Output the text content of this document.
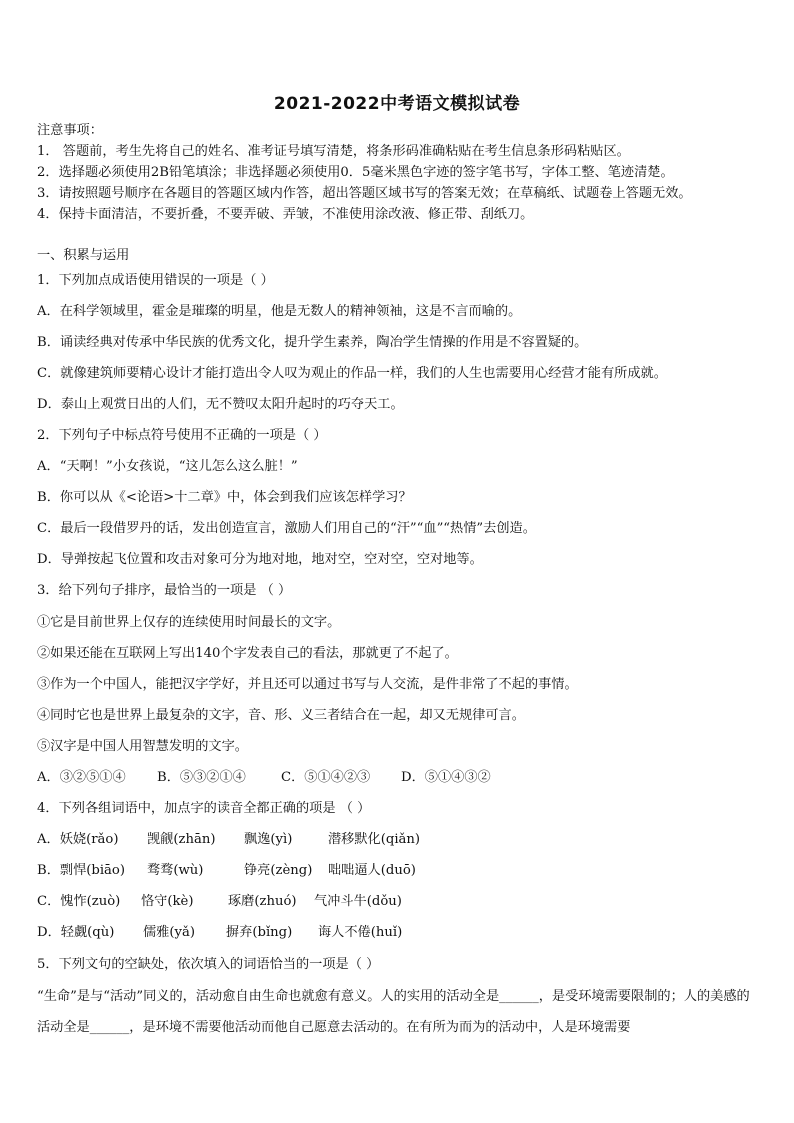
2021-2022中考语文模拟试卷
注意事项：
1． 答题前，考生先将自己的姓名、准考证号填写清楚，将条形码准确粘贴在考生信息条形码粘贴区。
2．选择题必须使用2B铅笔填涂；非选择题必须使用0．5毫米黑色字迹的签字笔书写，字体工整、笔迹清楚。
3．请按照题号顺序在各题目的答题区域内作答，超出答题区域书写的答案无效；在草稿纸、试题卷上答题无效。
4．保持卡面清洁，不要折叠，不要弄破、弄皱，不准使用涂改液、修正带、刮纸刀。
一、积累与运用
1．下列加点成语使用错误的一项是（ ）
A．在科学领域里，霍金是璀璨的明星，他是无数人的精神领袖，这是不言而喻的。
B．诵读经典对传承中华民族的优秀文化，提升学生素养，陶冶学生情操的作用是不容置疑的。
C．就像建筑师要精心设计才能打造出令人叹为观止的作品一样，我们的人生也需要用心经营才能有所成就。
D．泰山上观赏日出的人们，无不赞叹太阳升起时的巧夺天工。
2．下列句子中标点符号使用不正确的一项是（ ）
A．“天啊！”小女孩说，“这儿怎么这么脏！”
B．你可以从《<论语>十二章》中，体会到我们应该怎样学习？
C．最后一段借罗丹的话，发出创造宣言，激励人们用自己的“汗”“血”“热情”去创造。
D．导弹按起飞位置和攻击对象可分为地对地，地对空，空对空，空对地等。
3．给下列句子排序，最恰当的一项是 （ ）
①它是目前世界上仅存的连续使用时间最长的文字。
②如果还能在互联网上写出140个字发表自己的看法，那就更了不起了。
③作为一个中国人，能把汉字学好，并且还可以通过书写与人交流，是件非常了不起的事情。
④同时它也是世界上最复杂的文字，音、形、义三者结合在一起，却又无规律可言。
⑤汉字是中国人用智慧发明的文字。
A．③②⑤①④ B．⑤③②①④	C．⑤①④②③ D．⑤①④③②
4．下列各组词语中，加点字的读音全都正确的项是 （ ）
A．妖娆(rǎo) 觊觎(zhān) 飘逸(yì)	潜移默化(qiǎn)
B．剽悍(biāo) 骛骛(wù)	铮亮(zèng) 咄咄逼人(duō)
C．愧怍(zuò) 恪守(kè)	琢磨(zhuó) 气冲斗牛(dǒu)
D．轻觑(qù) 儒雅(yǎ) 摒弃(bǐng) 诲人不倦(huǐ)
5．下列文句的空缺处，依次填入的词语恰当的一项是（ ）
“生命”是与“活动”同义的，活动愈自由生命也就愈有意义。人的实用的活动全是______，是受环境需要限制的；人的美感的活动全是______，是环境不需要他活动而他自己愿意去活动的。在有所为而为的活动中，人是环境需要
